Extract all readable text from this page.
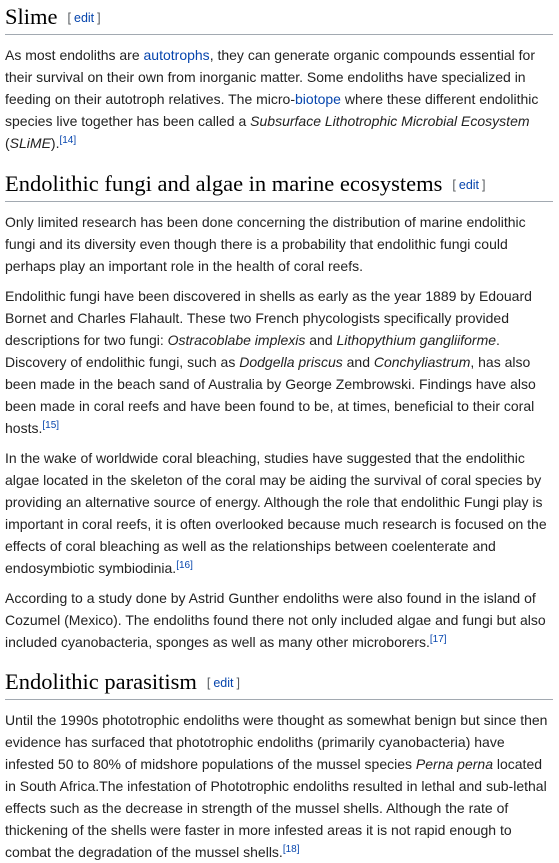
Slime [ edit ]

As most endoliths are autotrophs, they can generate organic compounds essential for their survival on their own from inorganic matter. Some endoliths have specialized in feeding on their autotroph relatives. The micro-biotope where these different endolithic species live together has been called a Subsurface Lithotrophic Microbial Ecosystem (SLiME).[14]

Endolithic fungi and algae in marine ecosystems [ edit ]

Only limited research has been done concerning the distribution of marine endolithic fungi and its diversity even though there is a probability that endolithic fungi could perhaps play an important role in the health of coral reefs.

Endolithic fungi have been discovered in shells as early as the year 1889 by Edouard Bornet and Charles Flahault. These two French phycologists specifically provided descriptions for two fungi: Ostracoblabe implexis and Lithopythium gangliiforme. Discovery of endolithic fungi, such as Dodgella priscus and Conchyliastrum, has also been made in the beach sand of Australia by George Zembrowski. Findings have also been made in coral reefs and have been found to be, at times, beneficial to their coral hosts.[15]

In the wake of worldwide coral bleaching, studies have suggested that the endolithic algae located in the skeleton of the coral may be aiding the survival of coral species by providing an alternative source of energy. Although the role that endolithic Fungi play is important in coral reefs, it is often overlooked because much research is focused on the effects of coral bleaching as well as the relationships between coelenterate and endosymbiotic symbiodinia.[16]

According to a study done by Astrid Gunther endoliths were also found in the island of Cozumel (Mexico). The endoliths found there not only included algae and fungi but also included cyanobacteria, sponges as well as many other microborers.[17]

Endolithic parasitism [ edit ]

Until the 1990s phototrophic endoliths were thought as somewhat benign but since then evidence has surfaced that phototrophic endoliths (primarily cyanobacteria) have infested 50 to 80% of midshore populations of the mussel species Perna perna located in South Africa.The infestation of Phototrophic endoliths resulted in lethal and sub-lethal effects such as the decrease in strength of the mussel shells. Although the rate of thickening of the shells were faster in more infested areas it is not rapid enough to combat the degradation of the mussel shells.[18]
